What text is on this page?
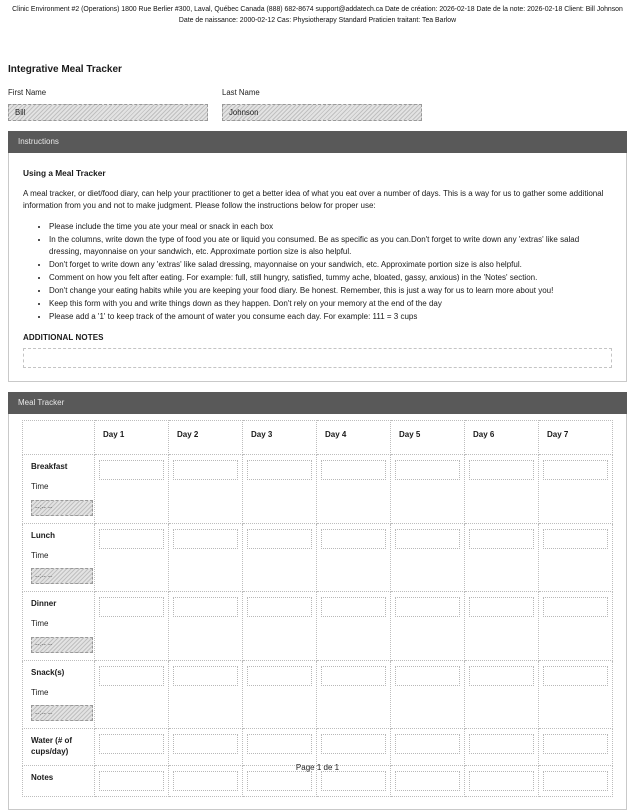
Clinic Environment #2 (Operations) 1800 Rue Berlier #300, Laval, Québec Canada (888) 682-8674 support@addatech.ca Date de création: 2026-02-18 Date de la note: 2026-02-18 Client: Bill Johnson Date de naissance: 2000-02-12 Cas: Physiotherapy Standard Praticien traitant: Tea Barlow
Integrative Meal Tracker
First Name
Bill	Last Name
Johnson
Instructions
Using a Meal Tracker

A meal tracker, or diet/food diary, can help your practitioner to get a better idea of what you eat over a number of days. This is a way for us to gather some additional information from you and not to make judgment. Please follow the instructions below for proper use:

• Please include the time you ate your meal or snack in each box
• In the columns, write down the type of food you ate or liquid you consumed. Be as specific as you can.Don't forget to write down any 'extras' like salad dressing, mayonnaise on your sandwich, etc. Approximate portion size is also helpful.
• Don't forget to write down any 'extras' like salad dressing, mayonnaise on your sandwich, etc. Approximate portion size is also helpful.
• Comment on how you felt after eating. For example: full, still hungry, satisfied, tummy ache, bloated, gassy, anxious) in the 'Notes' section.
• Don't change your eating habits while you are keeping your food diary. Be honest. Remember, this is just a way for us to learn more about you!
• Keep this form with you and write things down as they happen. Don't rely on your memory at the end of the day
• Please add a '1' to keep track of the amount of water you consume each day. For example: 111 = 3 cups
ADDITIONAL NOTES
Meal Tracker
	Day 1	Day 2	Day 3	Day 4	Day 5	Day 6	Day 7

Breakfast
Time
--:-- --	

Lunch
Time
--:-- --	

Dinner
Time
--:-- --	

Snack(s)
Time
--:-- --	

Water (# of cups/day)

Notes

Page 1 de 1
